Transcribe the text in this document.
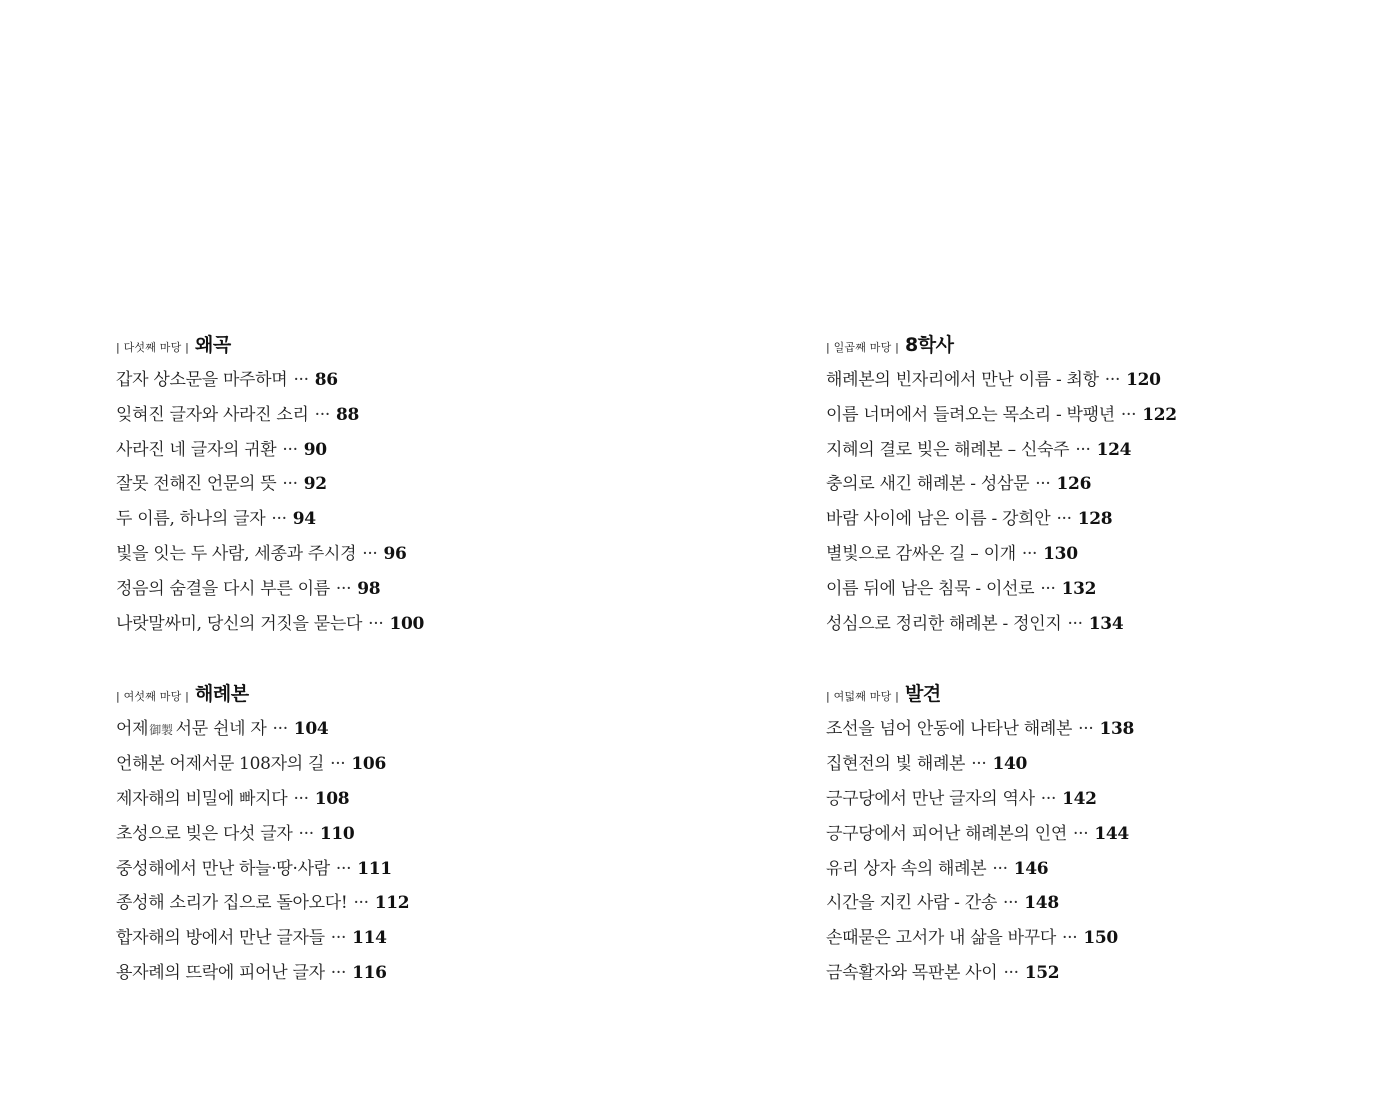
| 다섯째 마당 | 왜곡
갑자 상소문을 마주하며 ··· 86
잊혀진 글자와 사라진 소리 ··· 88
사라진 네 글자의 귀환 ··· 90
잘못 전해진 언문의 뜻 ··· 92
두 이름, 하나의 글자 ··· 94
빛을 잇는 두 사람, 세종과 주시경 ··· 96
정음의 숨결을 다시 부른 이름 ··· 98
나랏말싸미, 당신의 거짓을 묻는다 ··· 100
| 여섯째 마당 | 해례본
어제御製 서문 쉰네 자 ··· 104
언해본 어제서문 108자의 길 ··· 106
제자해의 비밀에 빠지다 ··· 108
초성으로 빚은 다섯 글자 ··· 110
중성해에서 만난 하늘·땅·사람 ··· 111
종성해 소리가 집으로 돌아오다! ··· 112
합자해의 방에서 만난 글자들 ··· 114
용자례의 뜨락에 피어난 글자 ··· 116
| 일곱째 마당 | 8학사
해례본의 빈자리에서 만난 이름 - 최항 ··· 120
이름 너머에서 들려오는 목소리 - 박팽년 ··· 122
지혜의 결로 빚은 해례본 – 신숙주 ··· 124
충의로 새긴 해례본 - 성삼문 ··· 126
바람 사이에 남은 이름 - 강희안 ··· 128
별빛으로 감싸온 길 – 이개 ··· 130
이름 뒤에 남은 침묵 - 이선로 ··· 132
성심으로 정리한 해례본 - 정인지 ··· 134
| 여덟째 마당 | 발견
조선을 넘어 안동에 나타난 해례본 ··· 138
집현전의 빛 해례본 ··· 140
긍구당에서 만난 글자의 역사 ··· 142
긍구당에서 피어난 해례본의 인연 ··· 144
유리 상자 속의 해례본 ··· 146
시간을 지킨 사람 - 간송 ··· 148
손때묻은 고서가 내 삶을 바꾸다 ··· 150
금속활자와 목판본 사이 ··· 152
